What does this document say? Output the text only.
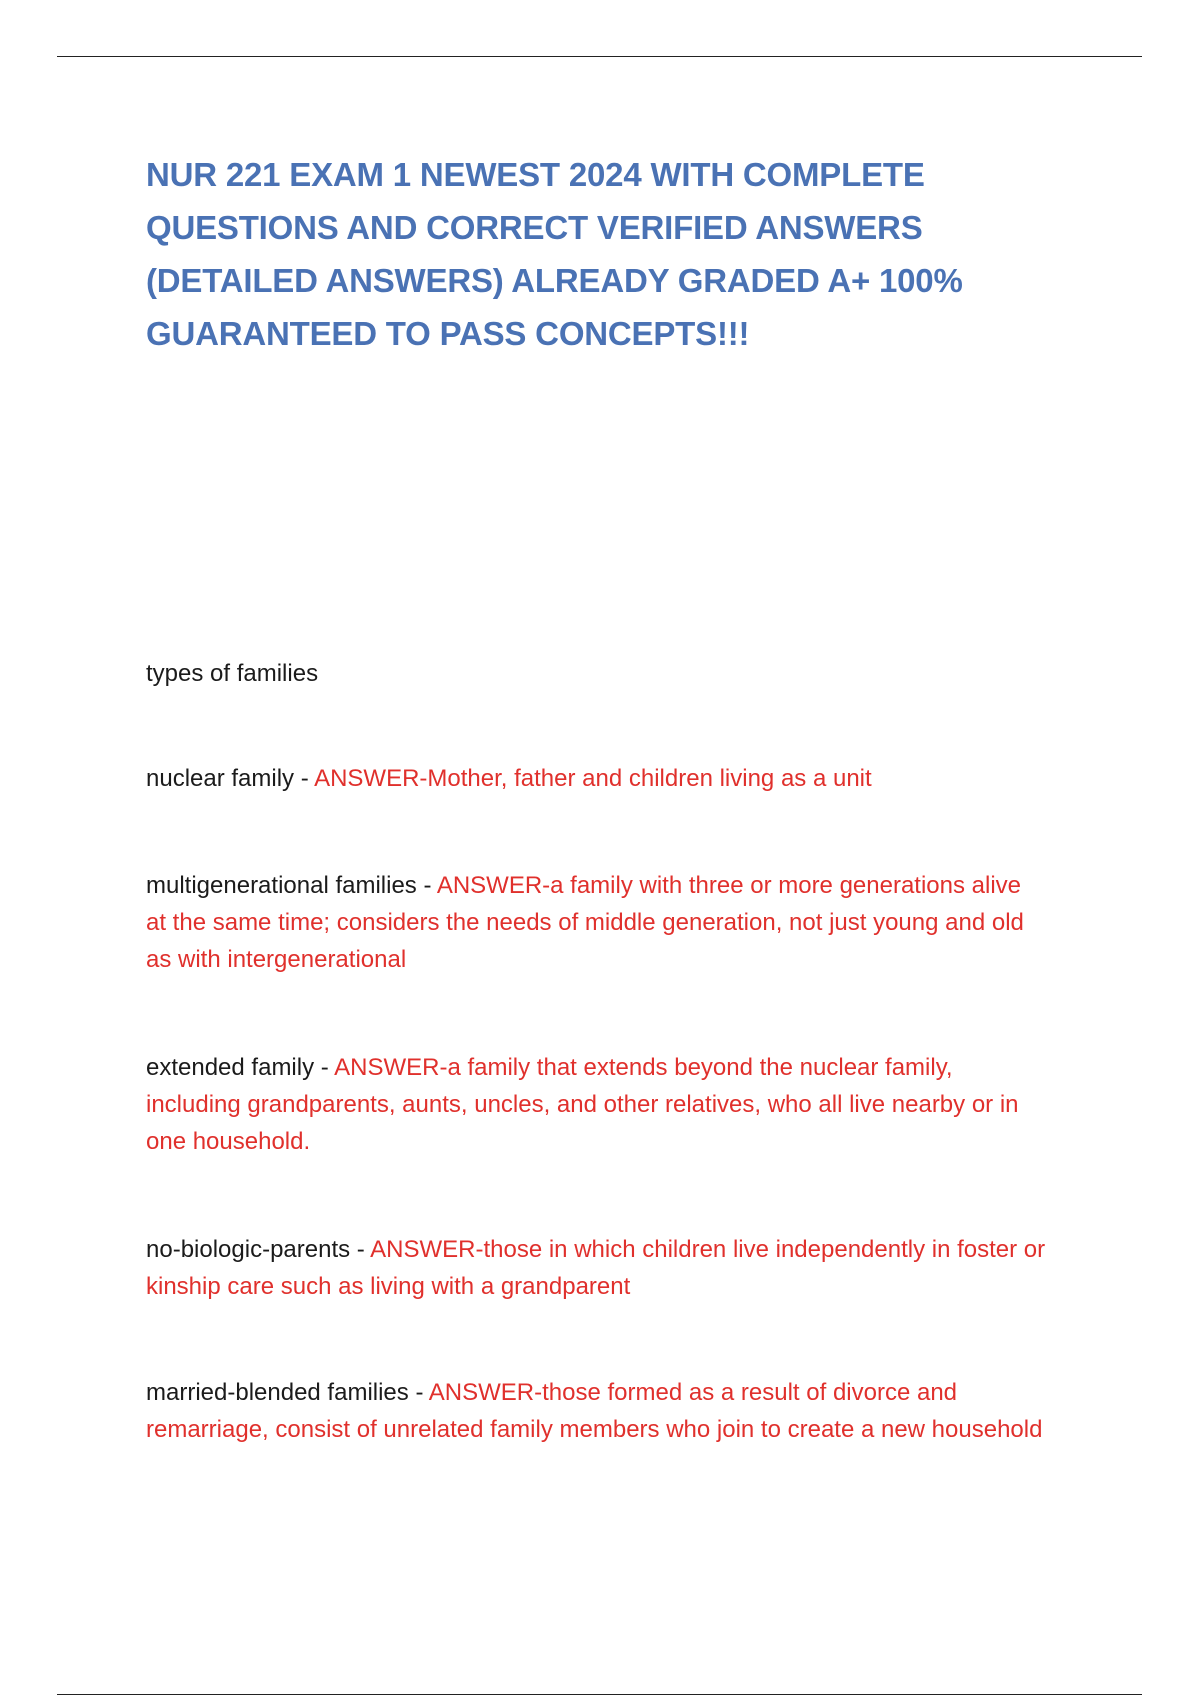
NUR 221 EXAM 1 NEWEST 2024 WITH COMPLETE QUESTIONS AND CORRECT VERIFIED ANSWERS (DETAILED ANSWERS) ALREADY GRADED A+ 100% GUARANTEED TO PASS CONCEPTS!!!

types of families

nuclear family - ANSWER-Mother, father and children living as a unit
multigenerational families - ANSWER-a family with three or more generations alive at the same time; considers the needs of middle generation, not just young and old as with intergenerational
extended family - ANSWER-a family that extends beyond the nuclear family, including grandparents, aunts, uncles, and other relatives, who all live nearby or in one household.
no-biologic-parents - ANSWER-those in which children live independently in foster or kinship care such as living with a grandparent
married-blended families - ANSWER-those formed as a result of divorce and remarriage, consist of unrelated family members who join to create a new household
